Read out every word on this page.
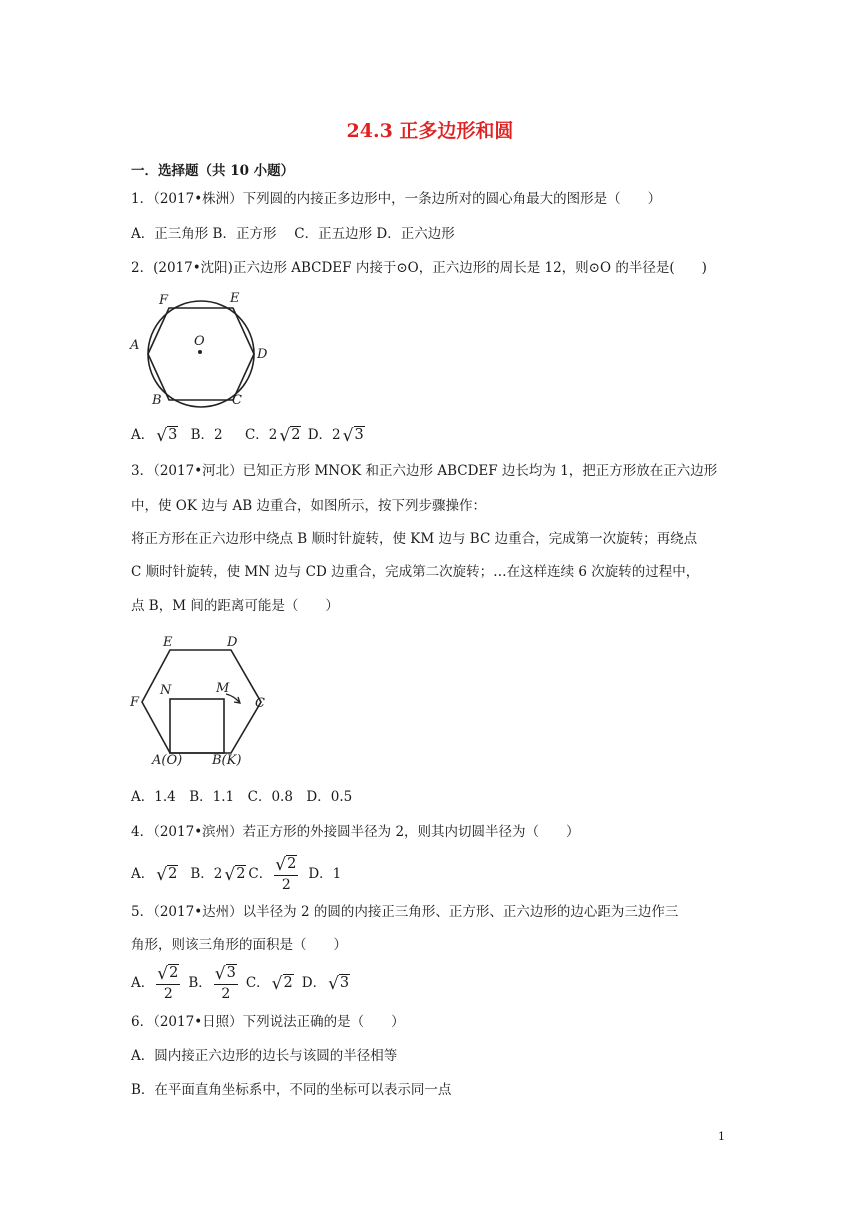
24.3 正多边形和圆
一．选择题（共 10 小题）
1．（2017•株洲）下列圆的内接正多边形中，一条边所对的圆心角最大的图形是（　　）
A．正三角形 B．正方形　 C．正五边形 D．正六边形
2．(2017•沈阳)正六边形 ABCDEF 内接于⊙O，正六边形的周长是 12，则⊙O 的半径是(　　)
F	E
A	O
D
B	C
A． √3 B．2 C．2 √2 D．2 √3
3．（2017•河北）已知正方形 MNOK 和正六边形 ABCDEF 边长均为 1，把正方形放在正六边形
中，使 OK 边与 AB 边重合，如图所示，按下列步骤操作：
将正方形在正六边形中绕点 B 顺时针旋转，使 KM 边与 BC 边重合，完成第一次旋转；再绕点
C 顺时针旋转，使 MN 边与 CD 边重合，完成第二次旋转；…在这样连续 6 次旋转的过程中，
点 B，M 间的距离可能是（　　）
E	D
F
N	M
C
A(O) B(K)
A．1.4　B．1.1　C．0.8　D．0.5
4．（2017•滨州）若正方形的外接圆半径为 2，则其内切圆半径为（　　）
A． √2 B．2 √2 C． $\frac{√2}{2}$ D．1
5．（2017•达州）以半径为 2 的圆的内接正三角形、正方形、正六边形的边心距为三边作三
角形，则该三角形的面积是（　　）
A． $\frac{√2}{2}$ B． $\frac{√3}{2}$ C． √2 D． √3
6．（2017•日照）下列说法正确的是（　　）
A．圆内接正六边形的边长与该圆的半径相等
B．在平面直角坐标系中，不同的坐标可以表示同一点
1
